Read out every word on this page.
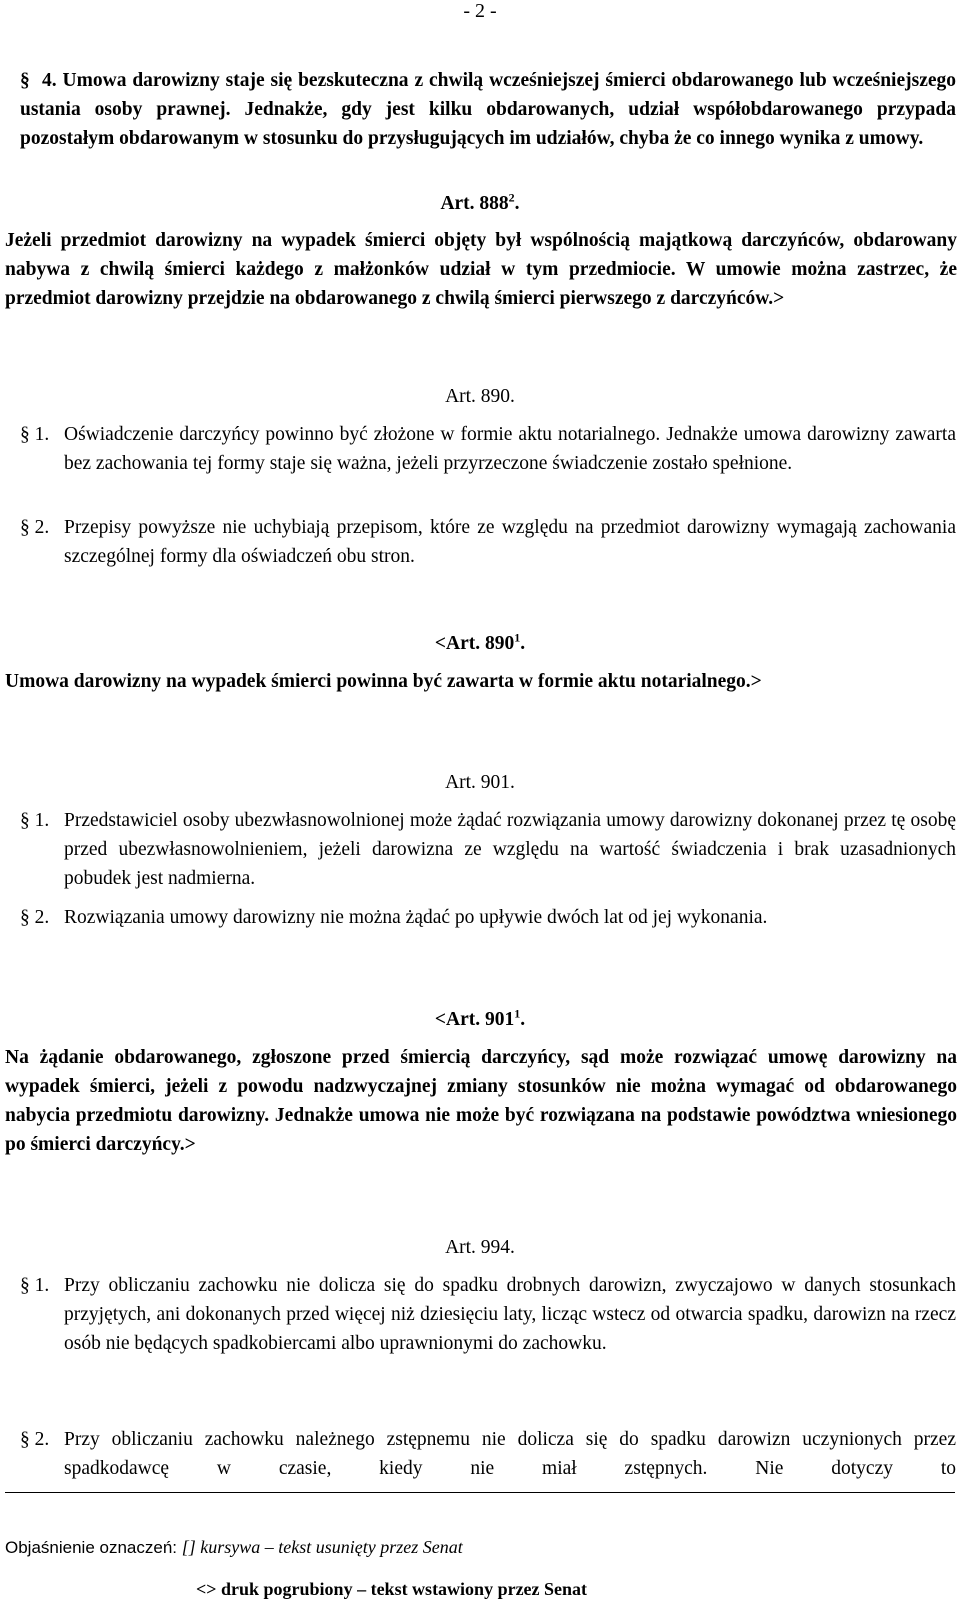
- 2 -
§ 4. Umowa darowizny staje się bezskuteczna z chwilą wcześniejszej śmierci obdarowanego lub wcześniejszego ustania osoby prawnej. Jednakże, gdy jest kilku obdarowanych, udział współobdarowanego przypada pozostałym obdarowanym w stosunku do przysługujących im udziałów, chyba że co innego wynika z umowy.
Art. $888^2$.
Jeżeli przedmiot darowizny na wypadek śmierci objęty był wspólnością majątkową darczyńców, obdarowany nabywa z chwilą śmierci każdego z małżonków udział w tym przedmiocie. W umowie można zastrzec, że przedmiot darowizny przejdzie na obdarowanego z chwilą śmierci pierwszego z darczyńców.>
Art. 890.
§ 1. Oświadczenie darczyńcy powinno być złożone w formie aktu notarialnego. Jednakże umowa darowizny zawarta bez zachowania tej formy staje się ważna, jeżeli przyrzeczone świadczenie zostało spełnione.
§ 2. Przepisy powyższe nie uchybiają przepisom, które ze względu na przedmiot darowizny wymagają zachowania szczególnej formy dla oświadczeń obu stron.
<Art. $890^1$.
Umowa darowizny na wypadek śmierci powinna być zawarta w formie aktu notarialnego.>
Art. 901.
§ 1. Przedstawiciel osoby ubezwłasnowolnionej może żądać rozwiązania umowy darowizny dokonanej przez tę osobę przed ubezwłasnowolnieniem, jeżeli darowizna ze względu na wartość świadczenia i brak uzasadnionych pobudek jest nadmierna.
§ 2. Rozwiązania umowy darowizny nie można żądać po upływie dwóch lat od jej wykonania.
<Art. $901^1$.
Na żądanie obdarowanego, zgłoszone przed śmiercią darczyńcy, sąd może rozwiązać umowę darowizny na wypadek śmierci, jeżeli z powodu nadzwyczajnej zmiany stosunków nie można wymagać od obdarowanego nabycia przedmiotu darowizny. Jednakże umowa nie może być rozwiązana na podstawie powództwa wniesionego po śmierci darczyńcy.>
Art. 994.
§ 1. Przy obliczaniu zachowku nie dolicza się do spadku drobnych darowizn, zwyczajowo w danych stosunkach przyjętych, ani dokonanych przed więcej niż dziesięciu laty, licząc wstecz od otwarcia spadku, darowizn na rzecz osób nie będących spadkobiercami albo uprawnionymi do zachowku.
§ 2. Przy obliczaniu zachowku należnego zstępnemu nie dolicza się do spadku darowizn uczynionych przez spadkodawcę w czasie, kiedy nie miał zstępnych. Nie dotyczy to
Objaśnienie oznaczeń: [] kursywa – tekst usunięty przez Senat
<> druk pogrubiony – tekst wstawiony przez Senat
